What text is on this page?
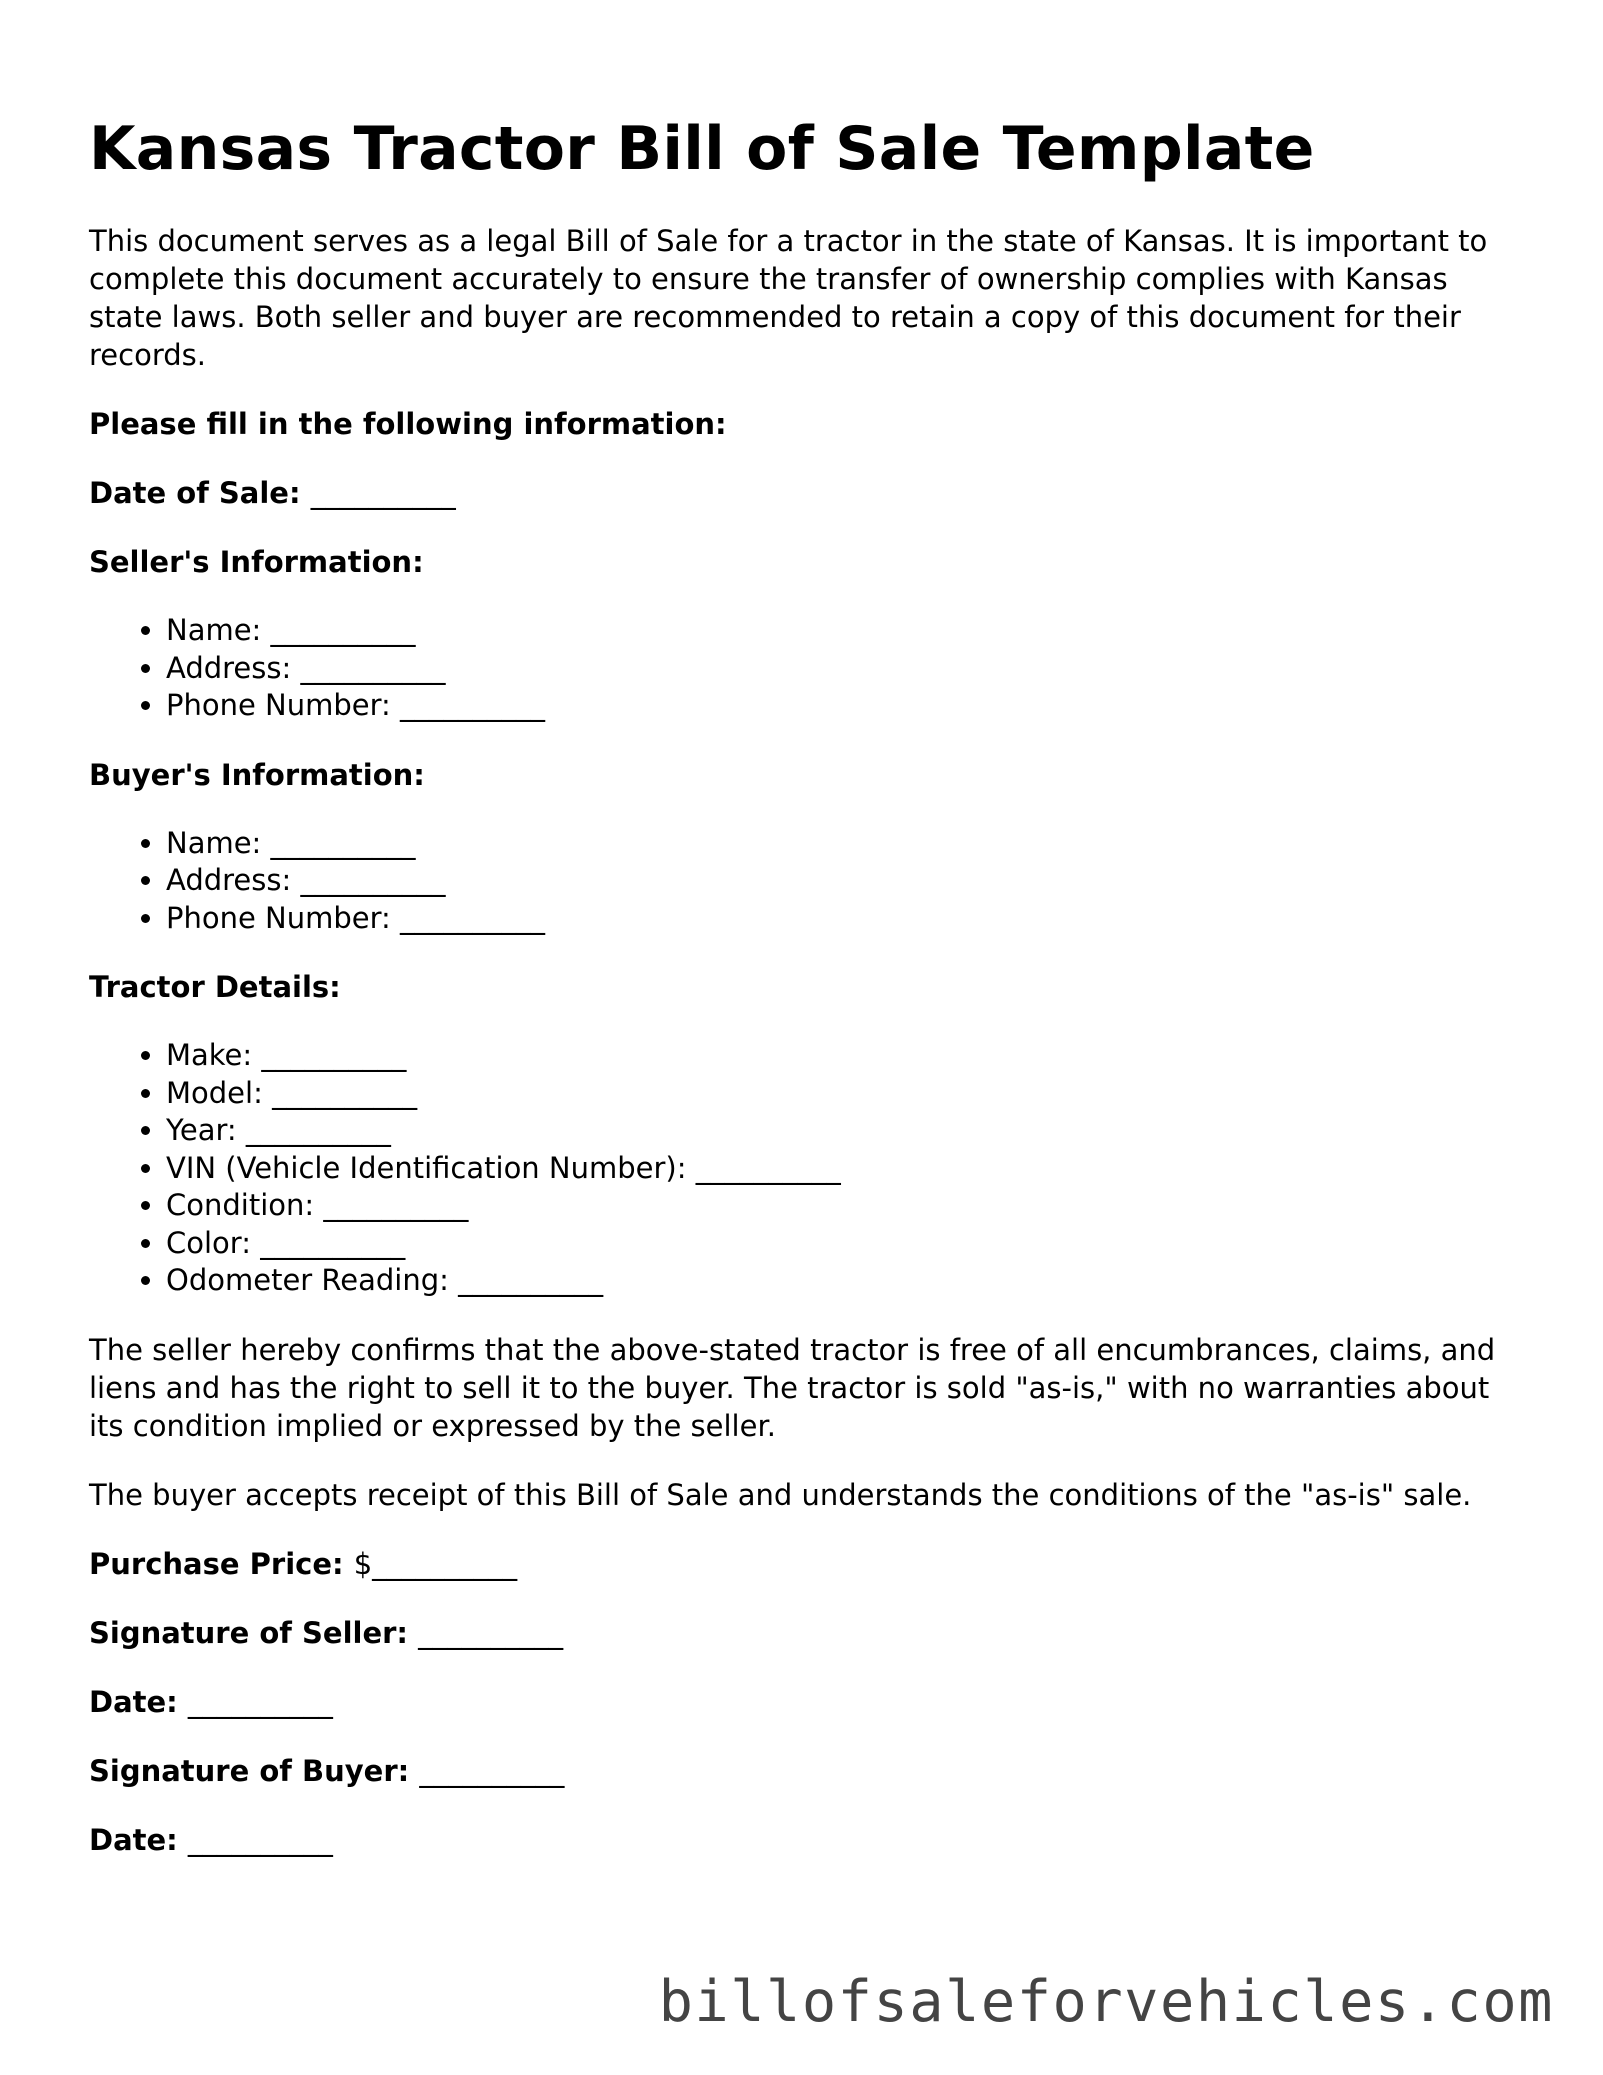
Kansas Tractor Bill of Sale Template

This document serves as a legal Bill of Sale for a tractor in the state of Kansas. It is important to complete this document accurately to ensure the transfer of ownership complies with Kansas state laws. Both seller and buyer are recommended to retain a copy of this document for their records.

Please fill in the following information:

Date of Sale: __________

Seller's Information:

• Name: __________
• Address: __________
• Phone Number: __________

Buyer's Information:

• Name: __________
• Address: __________
• Phone Number: __________

Tractor Details:

• Make: __________
• Model: __________
• Year: __________
• VIN (Vehicle Identification Number): __________
• Condition: __________
• Color: __________
• Odometer Reading: __________

The seller hereby confirms that the above-stated tractor is free of all encumbrances, claims, and liens and has the right to sell it to the buyer. The tractor is sold "as-is," with no warranties about its condition implied or expressed by the seller.

The buyer accepts receipt of this Bill of Sale and understands the conditions of the "as-is" sale.

Purchase Price: $__________

Signature of Seller: __________

Date: __________

Signature of Buyer: __________

Date: __________

billofsaleforvehicles.com
